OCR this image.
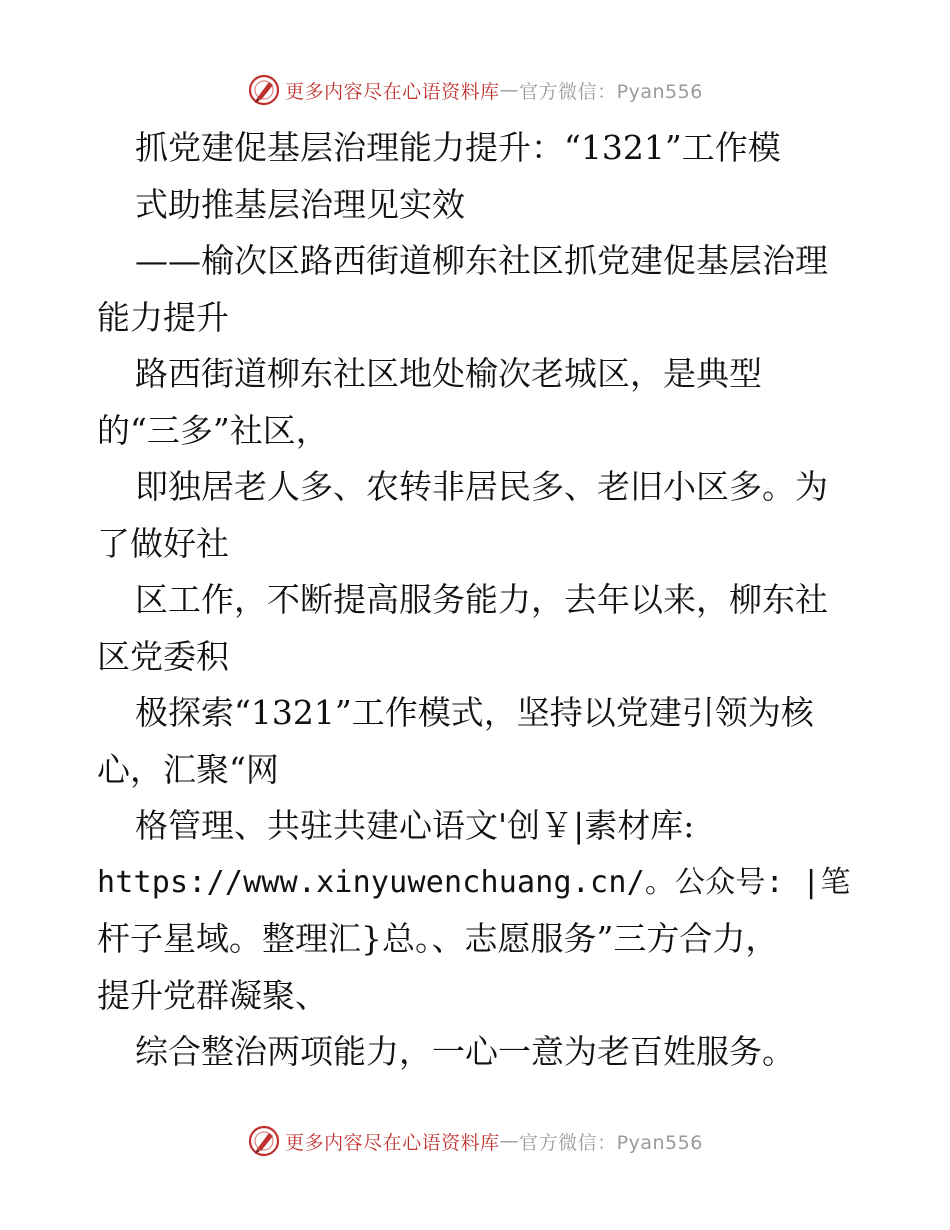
更多内容尽在心语资料库 — 官方微信：Pyan556
抓党建促基层治理能力提升：“1321”工作模
式助推基层治理见实效
——榆次区路西街道柳东社区抓党建促基层治理
能力提升
路西街道柳东社区地处榆次老城区，是典型
的“三多”社区，
即独居老人多、农转非居民多、老旧小区多。为
了做好社
区工作，不断提高服务能力，去年以来，柳东社
区党委积
极探索“1321”工作模式，坚持以党建引领为核
心，汇聚“网
格管理、共驻共建心语文'创￥|素材库:
https://www.xinyuwenchuang.cn/。公众号: |笔
杆子星域。整理汇}总。、志愿服务”三方合力，
提升党群凝聚、
综合整治两项能力，一心一意为老百姓服务。
更多内容尽在心语资料库 — 官方微信：Pyan556
